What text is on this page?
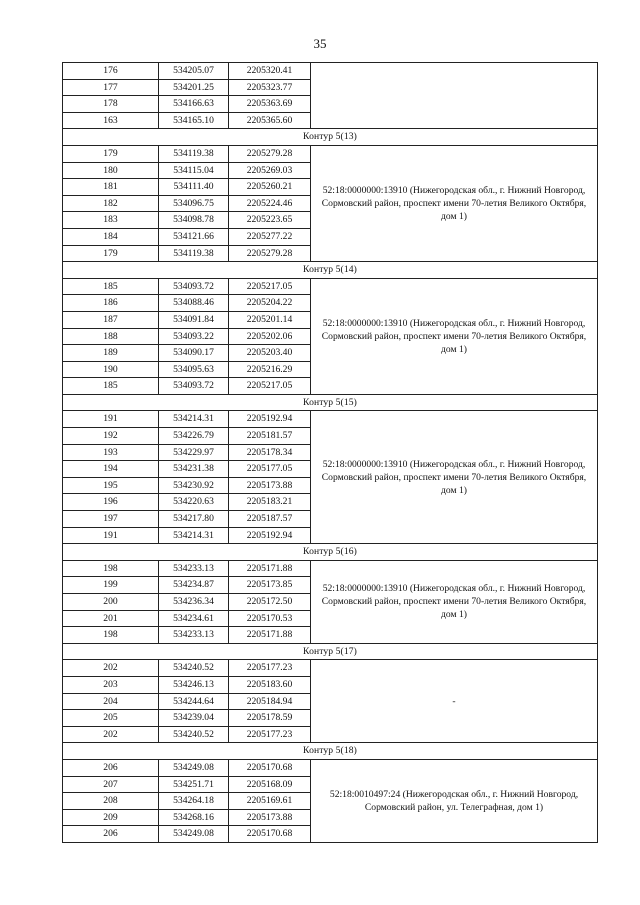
35
176	534205.07	2205320.41	
177	534201.25	2205323.77	
178	534166.63	2205363.69	
163	534165.10	2205365.60	
Контур 5(13)			
179	534119.38	2205279.28	52:18:0000000:13910 (Нижегородская обл., г. Нижний Новгород, Сормовский район, проспект имени 70-летия Великого Октября, дом 1)
180	534115.04	2205269.03	
181	534111.40	2205260.21	
182	534096.75	2205224.46	
183	534098.78	2205223.65	
184	534121.66	2205277.22	
179	534119.38	2205279.28	
Контур 5(14)			
185	534093.72	2205217.05	52:18:0000000:13910 (Нижегородская обл., г. Нижний Новгород, Сормовский район, проспект имени 70-летия Великого Октября, дом 1)
186	534088.46	2205204.22	
187	534091.84	2205201.14	
188	534093.22	2205202.06	
189	534090.17	2205203.40	
190	534095.63	2205216.29	
185	534093.72	2205217.05	
Контур 5(15)			
191	534214.31	2205192.94	52:18:0000000:13910 (Нижегородская обл., г. Нижний Новгород, Сормовский район, проспект имени 70-летия Великого Октября, дом 1)
192	534226.79	2205181.57	
193	534229.97	2205178.34	
194	534231.38	2205177.05	
195	534230.92	2205173.88	
196	534220.63	2205183.21	
197	534217.80	2205187.57	
191	534214.31	2205192.94	
Контур 5(16)			
198	534233.13	2205171.88	52:18:0000000:13910 (Нижегородская обл., г. Нижний Новгород, Сормовский район, проспект имени 70-летия Великого Октября, дом 1)
199	534234.87	2205173.85	
200	534236.34	2205172.50	
201	534234.61	2205170.53	
198	534233.13	2205171.88	
Контур 5(17)			
202	534240.52	2205177.23	-
203	534246.13	2205183.60	
204	534244.64	2205184.94	
205	534239.04	2205178.59	
202	534240.52	2205177.23	
Контур 5(18)			
206	534249.08	2205170.68	52:18:0010497:24 (Нижегородская обл., г. Нижний Новгород, Сормовский район, ул. Телеграфная, дом 1)
207	534251.71	2205168.09	
208	534264.18	2205169.61	
209	534268.16	2205173.88	
206	534249.08	2205170.68	
